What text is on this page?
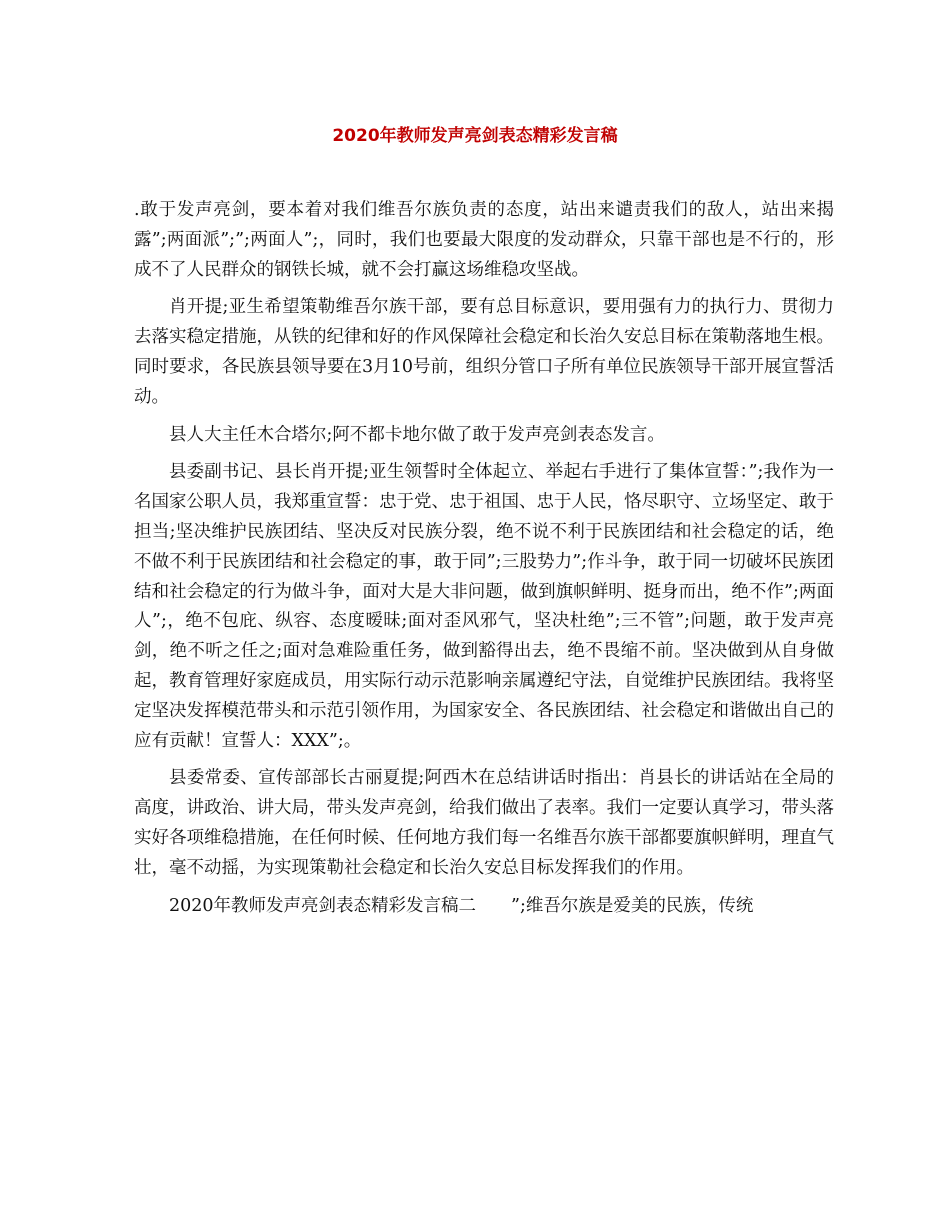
2020年教师发声亮剑表态精彩发言稿

.敢于发声亮剑，要本着对我们维吾尔族负责的态度，站出来谴责我们的敌人，站出来揭露”;两面派”;”;两面人”;，同时，我们也要最大限度的发动群众，只靠干部也是不行的，形成不了人民群众的钢铁长城，就不会打赢这场维稳攻坚战。

肖开提;亚生希望策勒维吾尔族干部，要有总目标意识，要用强有力的执行力、贯彻力去落实稳定措施，从铁的纪律和好的作风保障社会稳定和长治久安总目标在策勒落地生根。同时要求，各民族县领导要在3月10号前，组织分管口子所有单位民族领导干部开展宣誓活动。

县人大主任木合塔尔;阿不都卡地尔做了敢于发声亮剑表态发言。

县委副书记、县长肖开提;亚生领誓时全体起立、举起右手进行了集体宣誓：”;我作为一名国家公职人员，我郑重宣誓：忠于党、忠于祖国、忠于人民，恪尽职守、立场坚定、敢于担当;坚决维护民族团结、坚决反对民族分裂，绝不说不利于民族团结和社会稳定的话，绝不做不利于民族团结和社会稳定的事，敢于同”;三股势力”;作斗争，敢于同一切破坏民族团结和社会稳定的行为做斗争，面对大是大非问题，做到旗帜鲜明、挺身而出，绝不作”;两面人”;，绝不包庇、纵容、态度暧昧;面对歪风邪气，坚决杜绝”;三不管”;问题，敢于发声亮剑，绝不听之任之;面对急难险重任务，做到豁得出去，绝不畏缩不前。坚决做到从自身做起，教育管理好家庭成员，用实际行动示范影响亲属遵纪守法，自觉维护民族团结。我将坚定坚决发挥模范带头和示范引领作用，为国家安全、各民族团结、社会稳定和谐做出自己的应有贡献！宣誓人：XXX”;。

县委常委、宣传部部长古丽夏提;阿西木在总结讲话时指出：肖县长的讲话站在全局的高度，讲政治、讲大局，带头发声亮剑，给我们做出了表率。我们一定要认真学习，带头落实好各项维稳措施，在任何时候、任何地方我们每一名维吾尔族干部都要旗帜鲜明，理直气壮，毫不动摇，为实现策勒社会稳定和长治久安总目标发挥我们的作用。

2020年教师发声亮剑表态精彩发言稿二　　”;维吾尔族是爱美的民族，传统
